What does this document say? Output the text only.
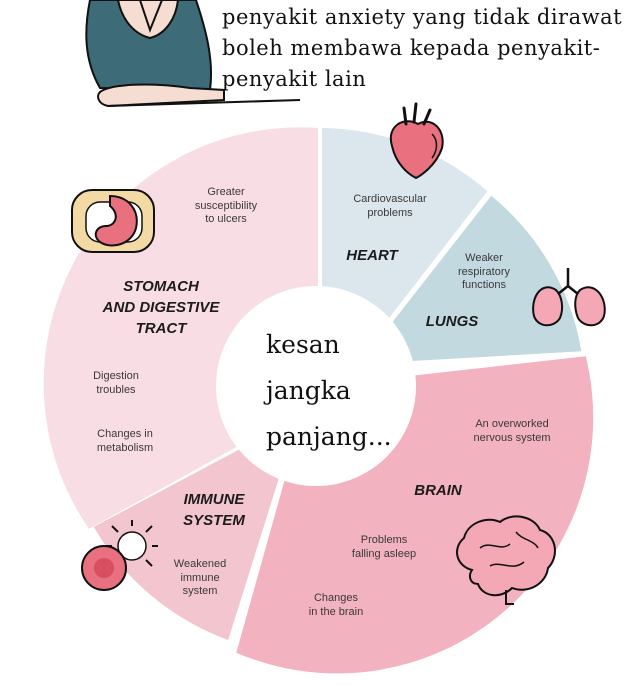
penyakit anxiety yang tidak dirawat
boleh membawa kepada penyakit-
penyakit lain
kesan
jangka
panjang...
Greater
susceptibility
to ulcers
STOMACH
AND DIGESTIVE
TRACT
Digestion
troubles
Changes in
metabolism
Cardiovascular
problems
HEART	Weaker
respiratory
functions
LUNGS
An overworked
nervous system
BRAIN
Problems
falling asleep
Changes
in the brain
IMMUNE
SYSTEM
Weakened
immune
system
